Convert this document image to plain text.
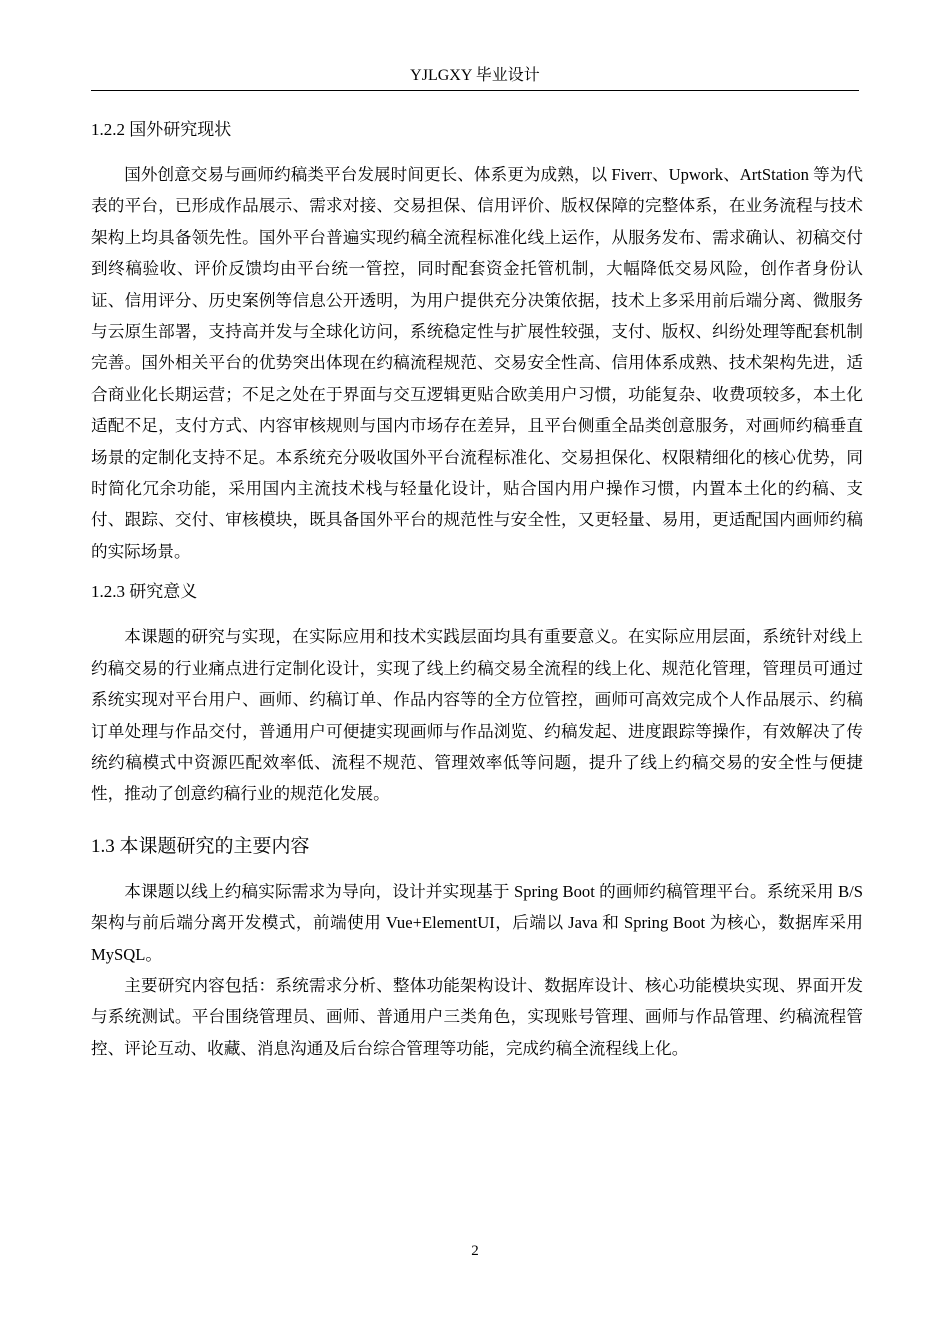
YJLGXY 毕业设计
1.2.2 国外研究现状

国外创意交易与画师约稿类平台发展时间更长、体系更为成熟，以 Fiverr、Upwork、ArtStation 等为代表的平台，已形成作品展示、需求对接、交易担保、信用评价、版权保障的完整体系，在业务流程与技术架构上均具备领先性。国外平台普遍实现约稿全流程标准化线上运作，从服务发布、需求确认、初稿交付到终稿验收、评价反馈均由平台统一管控，同时配套资金托管机制，大幅降低交易风险，创作者身份认证、信用评分、历史案例等信息公开透明，为用户提供充分决策依据，技术上多采用前后端分离、微服务与云原生部署，支持高并发与全球化访问，系统稳定性与扩展性较强，支付、版权、纠纷处理等配套机制完善。国外相关平台的优势突出体现在约稿流程规范、交易安全性高、信用体系成熟、技术架构先进，适合商业化长期运营；不足之处在于界面与交互逻辑更贴合欧美用户习惯，功能复杂、收费项较多，本土化适配不足，支付方式、内容审核规则与国内市场存在差异，且平台侧重全品类创意服务，对画师约稿垂直场景的定制化支持不足。本系统充分吸收国外平台流程标准化、交易担保化、权限精细化的核心优势，同时简化冗余功能，采用国内主流技术栈与轻量化设计，贴合国内用户操作习惯，内置本土化的约稿、支付、跟踪、交付、审核模块，既具备国外平台的规范性与安全性，又更轻量、易用，更适配国内画师约稿的实际场景。

1.2.3 研究意义

本课题的研究与实现，在实际应用和技术实践层面均具有重要意义。在实际应用层面，系统针对线上约稿交易的行业痛点进行定制化设计，实现了线上约稿交易全流程的线上化、规范化管理，管理员可通过系统实现对平台用户、画师、约稿订单、作品内容等的全方位管控，画师可高效完成个人作品展示、约稿订单处理与作品交付，普通用户可便捷实现画师与作品浏览、约稿发起、进度跟踪等操作，有效解决了传统约稿模式中资源匹配效率低、流程不规范、管理效率低等问题，提升了线上约稿交易的安全性与便捷性，推动了创意约稿行业的规范化发展。

1.3 本课题研究的主要内容

本课题以线上约稿实际需求为导向，设计并实现基于 Spring Boot 的画师约稿管理平台。系统采用 B/S 架构与前后端分离开发模式，前端使用 Vue+ElementUI，后端以 Java 和 Spring Boot 为核心，数据库采用 MySQL。

主要研究内容包括：系统需求分析、整体功能架构设计、数据库设计、核心功能模块实现、界面开发与系统测试。平台围绕管理员、画师、普通用户三类角色，实现账号管理、画师与作品管理、约稿流程管控、评论互动、收藏、消息沟通及后台综合管理等功能，完成约稿全流程线上化。

2
